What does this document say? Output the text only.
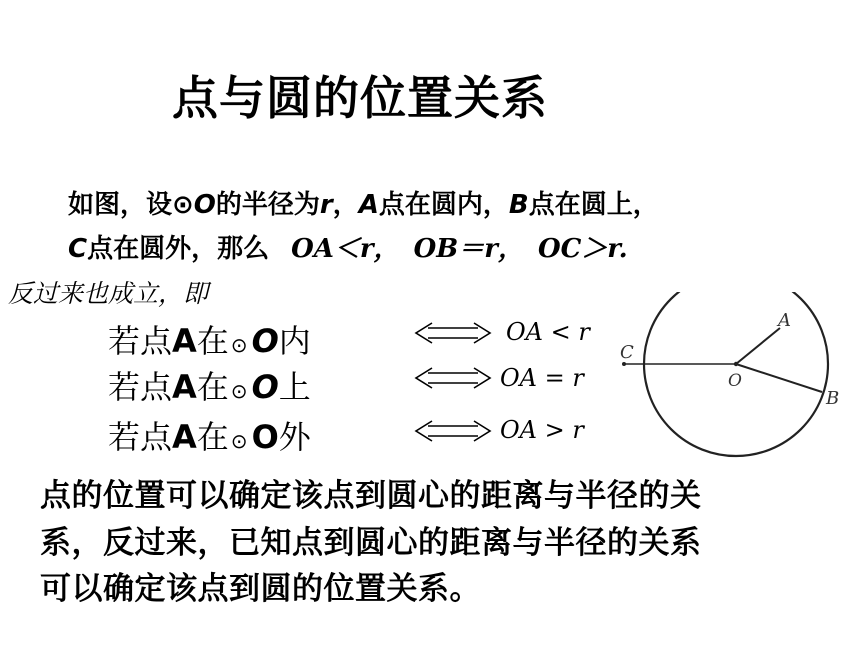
点与圆的位置关系
如图，设⊙O的半径为r，A点在圆内，B点在圆上，
C点在圆外，那么 OA＜r， OB＝r， OC＞r.
反过来也成立，即
若点A在 ⊙ O内
若点A在 ⊙ O上
若点A在 ⊙ O外
OA < r
OA = r
OA > r
A
B
C
O
点的位置可以确定该点到圆心的距离与半径的关
系，反过来，已知点到圆心的距离与半径的关系
可以确定该点到圆的位置关系。
